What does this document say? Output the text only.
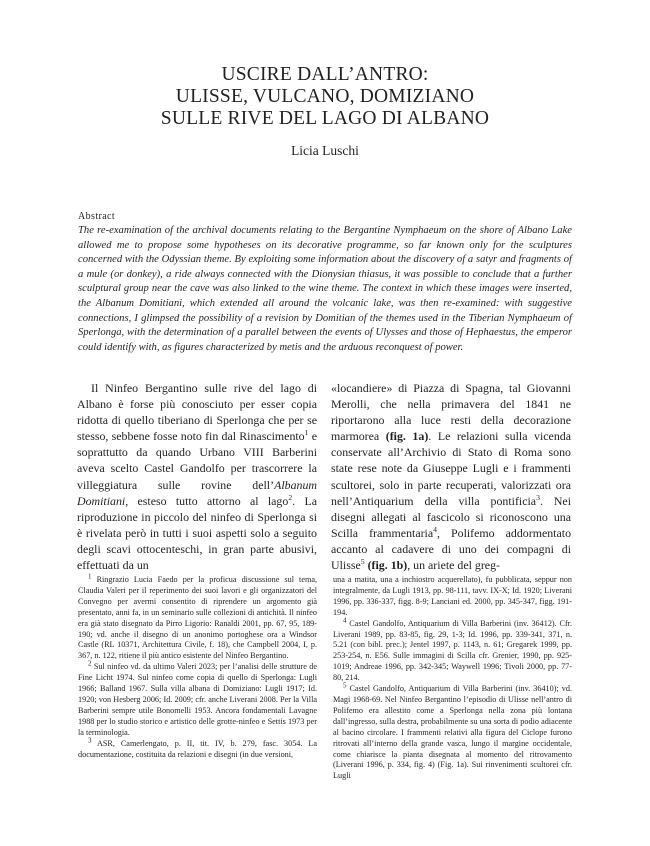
USCIRE DALL’ANTRO:
ULISSE, VULCANO, DOMIZIANO
SULLE RIVE DEL LAGO DI ALBANO
Licia Luschi
Abstract

The re-examination of the archival documents relating to the Bergantine Nymphaeum on the shore of Albano Lake allowed me to propose some hypotheses on its decorative programme, so far known only for the sculptures concerned with the Odyssian theme. By exploiting some information about the discovery of a satyr and fragments of a mule (or donkey), a ride always connected with the Dionysian thiasus, it was possible to conclude that a further sculptural group near the cave was also linked to the wine theme. The context in which these images were inserted, the Albanum Domitiani, which extended all around the volcanic lake, was then re-examined: with suggestive connections, I glimpsed the possibility of a revision by Domitian of the themes used in the Tiberian Nymphaeum of Sperlonga, with the determination of a parallel between the events of Ulysses and those of Hephaestus, the emperor could identify with, as figures characterized by metis and the arduous reconquest of power.

Il Ninfeo Bergantino sulle rive del lago di Albano è forse più conosciuto per esser copia ridotta di quello tiberiano di Sperlonga che per se stesso, sebbene fosse noto fin dal Rinascimento$^1$ e soprattutto da quando Urbano VIII Barberini aveva scelto Castel Gandolfo per trascorrere la villeggiatura sulle rovine dell’Albanum Domitiani, esteso tutto attorno al lago$^2$. La riproduzione in piccolo del ninfeo di Sperlonga si è rivelata però in tutti i suoi aspetti solo a seguito degli scavi ottocenteschi, in gran parte abusivi, effettuati da un

«locandiere» di Piazza di Spagna, tal Giovanni Merolli, che nella primavera del 1841 ne riportarono alla luce resti della decorazione marmorea (fig. 1a). Le relazioni sulla vicenda conservate all’Archivio di Stato di Roma sono state rese note da Giuseppe Lugli e i frammenti scultorei, solo in parte recuperati, valorizzati ora nell’Antiquarium della villa pontificia$^3$. Nei disegni allegati al fascicolo si riconoscono una Scilla frammentaria$^4$, Polifemo addormentato accanto al cadavere di uno dei compagni di Ulisse$^5$ (fig. 1b), un ariete del greg-

$^1$ Ringrazio Lucia Faedo per la proficua discussione sul tema, Claudia Valeri per il reperimento dei suoi lavori e gli organizzatori del Convegno per avermi consentito di riprendere un argomento già presentato, anni fa, in un seminario sulle collezioni di antichità. Il ninfeo era già stato disegnato da Pirro Ligorio: Ranaldi 2001, pp. 67, 95, 189-190; vd. anche il disegno di un anonimo portoghese ora a Windsor Castle (RL 10371, Architettura Civile, f. 18), che Campbell 2004, I, p. 367, n. 122, ritiene il più antico esistente del Ninfeo Bergantino.

$^2$ Sul ninfeo vd. da ultimo Valeri 2023; per l’analisi delle strutture de Fine Licht 1974. Sul ninfeo come copia di quello di Sperlonga: Lugli 1966; Balland 1967. Sulla villa albana di Domiziano: Lugli 1917; Id. 1920; von Hesberg 2006; Id. 2009; cfr. anche Liverani 2008. Per la Villa Barberini sempre utile Bonomelli 1953. Ancora fondamentali Lavagne 1988 per lo studio storico e artistico delle grotte-ninfeo e Settis 1973 per la terminologia.

$^3$ ASR, Camerlengato, p. II, tit. IV, b. 279, fasc. 3054. La documentazione, costituita da relazioni e disegni (in due versioni,

una a matita, una a inchiostro acquerellato), fu pubblicata, seppur non integralmente, da Lugli 1913, pp. 98-111, tavv. IX-X; Id. 1920; Liverani 1996, pp. 336-337, figg. 8-9; Lanciani ed. 2000, pp. 345-347, figg. 191-194.

$^4$ Castel Gandolfo, Antiquarium di Villa Barberini (inv. 36412). Cfr. Liverani 1989, pp. 83-85, fig. 29, 1-3; Id. 1996, pp. 339-341, 371, n. 5.21 (con bibl. prec.); Jentel 1997, p. 1143, n. 61; Gregarek 1999, pp. 253-254, n. E56. Sulle immagini di Scilla cfr. Grenier, 1990, pp. 925-1019; Andreae 1996, pp. 342-345; Waywell 1996; Tivoli 2000, pp. 77-80, 214.

$^5$ Castel Gandolfo, Antiquarium di Villa Barberini (inv. 36410); vd. Magi 1968-69. Nel Ninfeo Bergantino l’episodio di Ulisse nell’antro di Polifemo era allestito come a Sperlonga nella zona più lontana dall’ingresso, sulla destra, probabilmente su una sorta di podio adiacente al bacino circolare. I frammenti relativi alla figura del Ciclope furono ritrovati all’interno della grande vasca, lungo il margine occidentale, come chiarisce la pianta disegnata al momento del ritrovamento (Liverani 1996, p. 334, fig. 4) (Fig. 1a). Sui rinvenimenti scultorei cfr. Lugli
